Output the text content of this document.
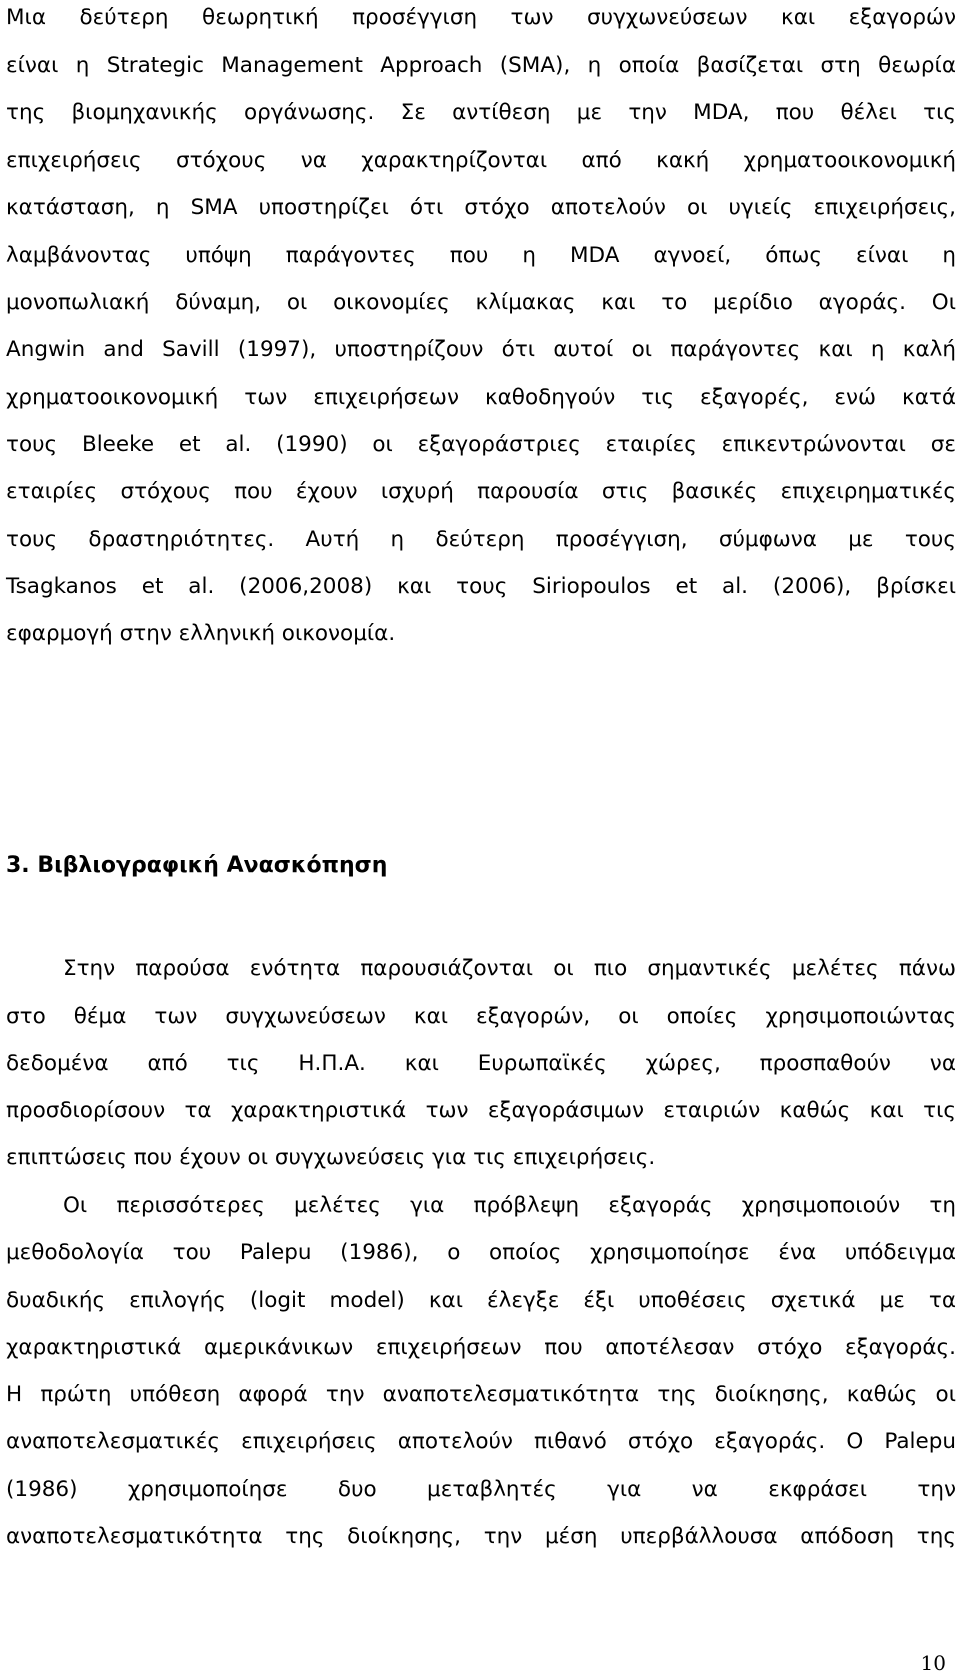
Μια δεύτερη θεωρητική προσέγγιση των συγχωνεύσεων και εξαγορών
είναι η Strategic Management Approach (SMA), η οποία βασίζεται στη θεωρία
της βιομηχανικής οργάνωσης. Σε αντίθεση με την MDA, που θέλει τις
επιχειρήσεις στόχους να χαρακτηρίζονται από κακή χρηματοοικονομική
κατάσταση, η SMA υποστηρίζει ότι στόχο αποτελούν οι υγιείς επιχειρήσεις,
λαμβάνοντας υπόψη παράγοντες που η MDA αγνοεί, όπως είναι η
μονοπωλιακή δύναμη, οι οικονομίες κλίμακας και το μερίδιο αγοράς. Οι
Angwin and Savill (1997), υποστηρίζουν ότι αυτοί οι παράγοντες και η καλή
χρηματοοικονομική των επιχειρήσεων καθοδηγούν τις εξαγορές, ενώ κατά
τους Bleeke et al. (1990) οι εξαγοράστριες εταιρίες επικεντρώνονται σε
εταιρίες στόχους που έχουν ισχυρή παρουσία στις βασικές επιχειρηματικές
τους δραστηριότητες. Αυτή η δεύτερη προσέγγιση, σύμφωνα με τους
Tsagkanos et al. (2006,2008) και τους Siriopoulos et al. (2006), βρίσκει
εφαρμογή στην ελληνική οικονομία.
3. Βιβλιογραφική Ανασκόπηση
Στην παρούσα ενότητα παρουσιάζονται οι πιο σημαντικές μελέτες πάνω
στο θέμα των συγχωνεύσεων και εξαγορών, οι οποίες χρησιμοποιώντας
δεδομένα από τις Η.Π.Α. και Ευρωπαϊκές χώρες, προσπαθούν να
προσδιορίσουν τα χαρακτηριστικά των εξαγοράσιμων εταιριών καθώς και τις
επιπτώσεις που έχουν οι συγχωνεύσεις για τις επιχειρήσεις.
Οι περισσότερες μελέτες για πρόβλεψη εξαγοράς χρησιμοποιούν τη
μεθοδολογία του Palepu (1986), ο οποίος χρησιμοποίησε ένα υπόδειγμα
δυαδικής επιλογής (logit model) και έλεγξε έξι υποθέσεις σχετικά με τα
χαρακτηριστικά αμερικάνικων επιχειρήσεων που αποτέλεσαν στόχο εξαγοράς.
Η πρώτη υπόθεση αφορά την αναποτελεσματικότητα της διοίκησης, καθώς οι
αναποτελεσματικές επιχειρήσεις αποτελούν πιθανό στόχο εξαγοράς. Ο Palepu
(1986) χρησιμοποίησε δυο μεταβλητές για να εκφράσει την
αναποτελεσματικότητα της διοίκησης, την μέση υπερβάλλουσα απόδοση της
10
